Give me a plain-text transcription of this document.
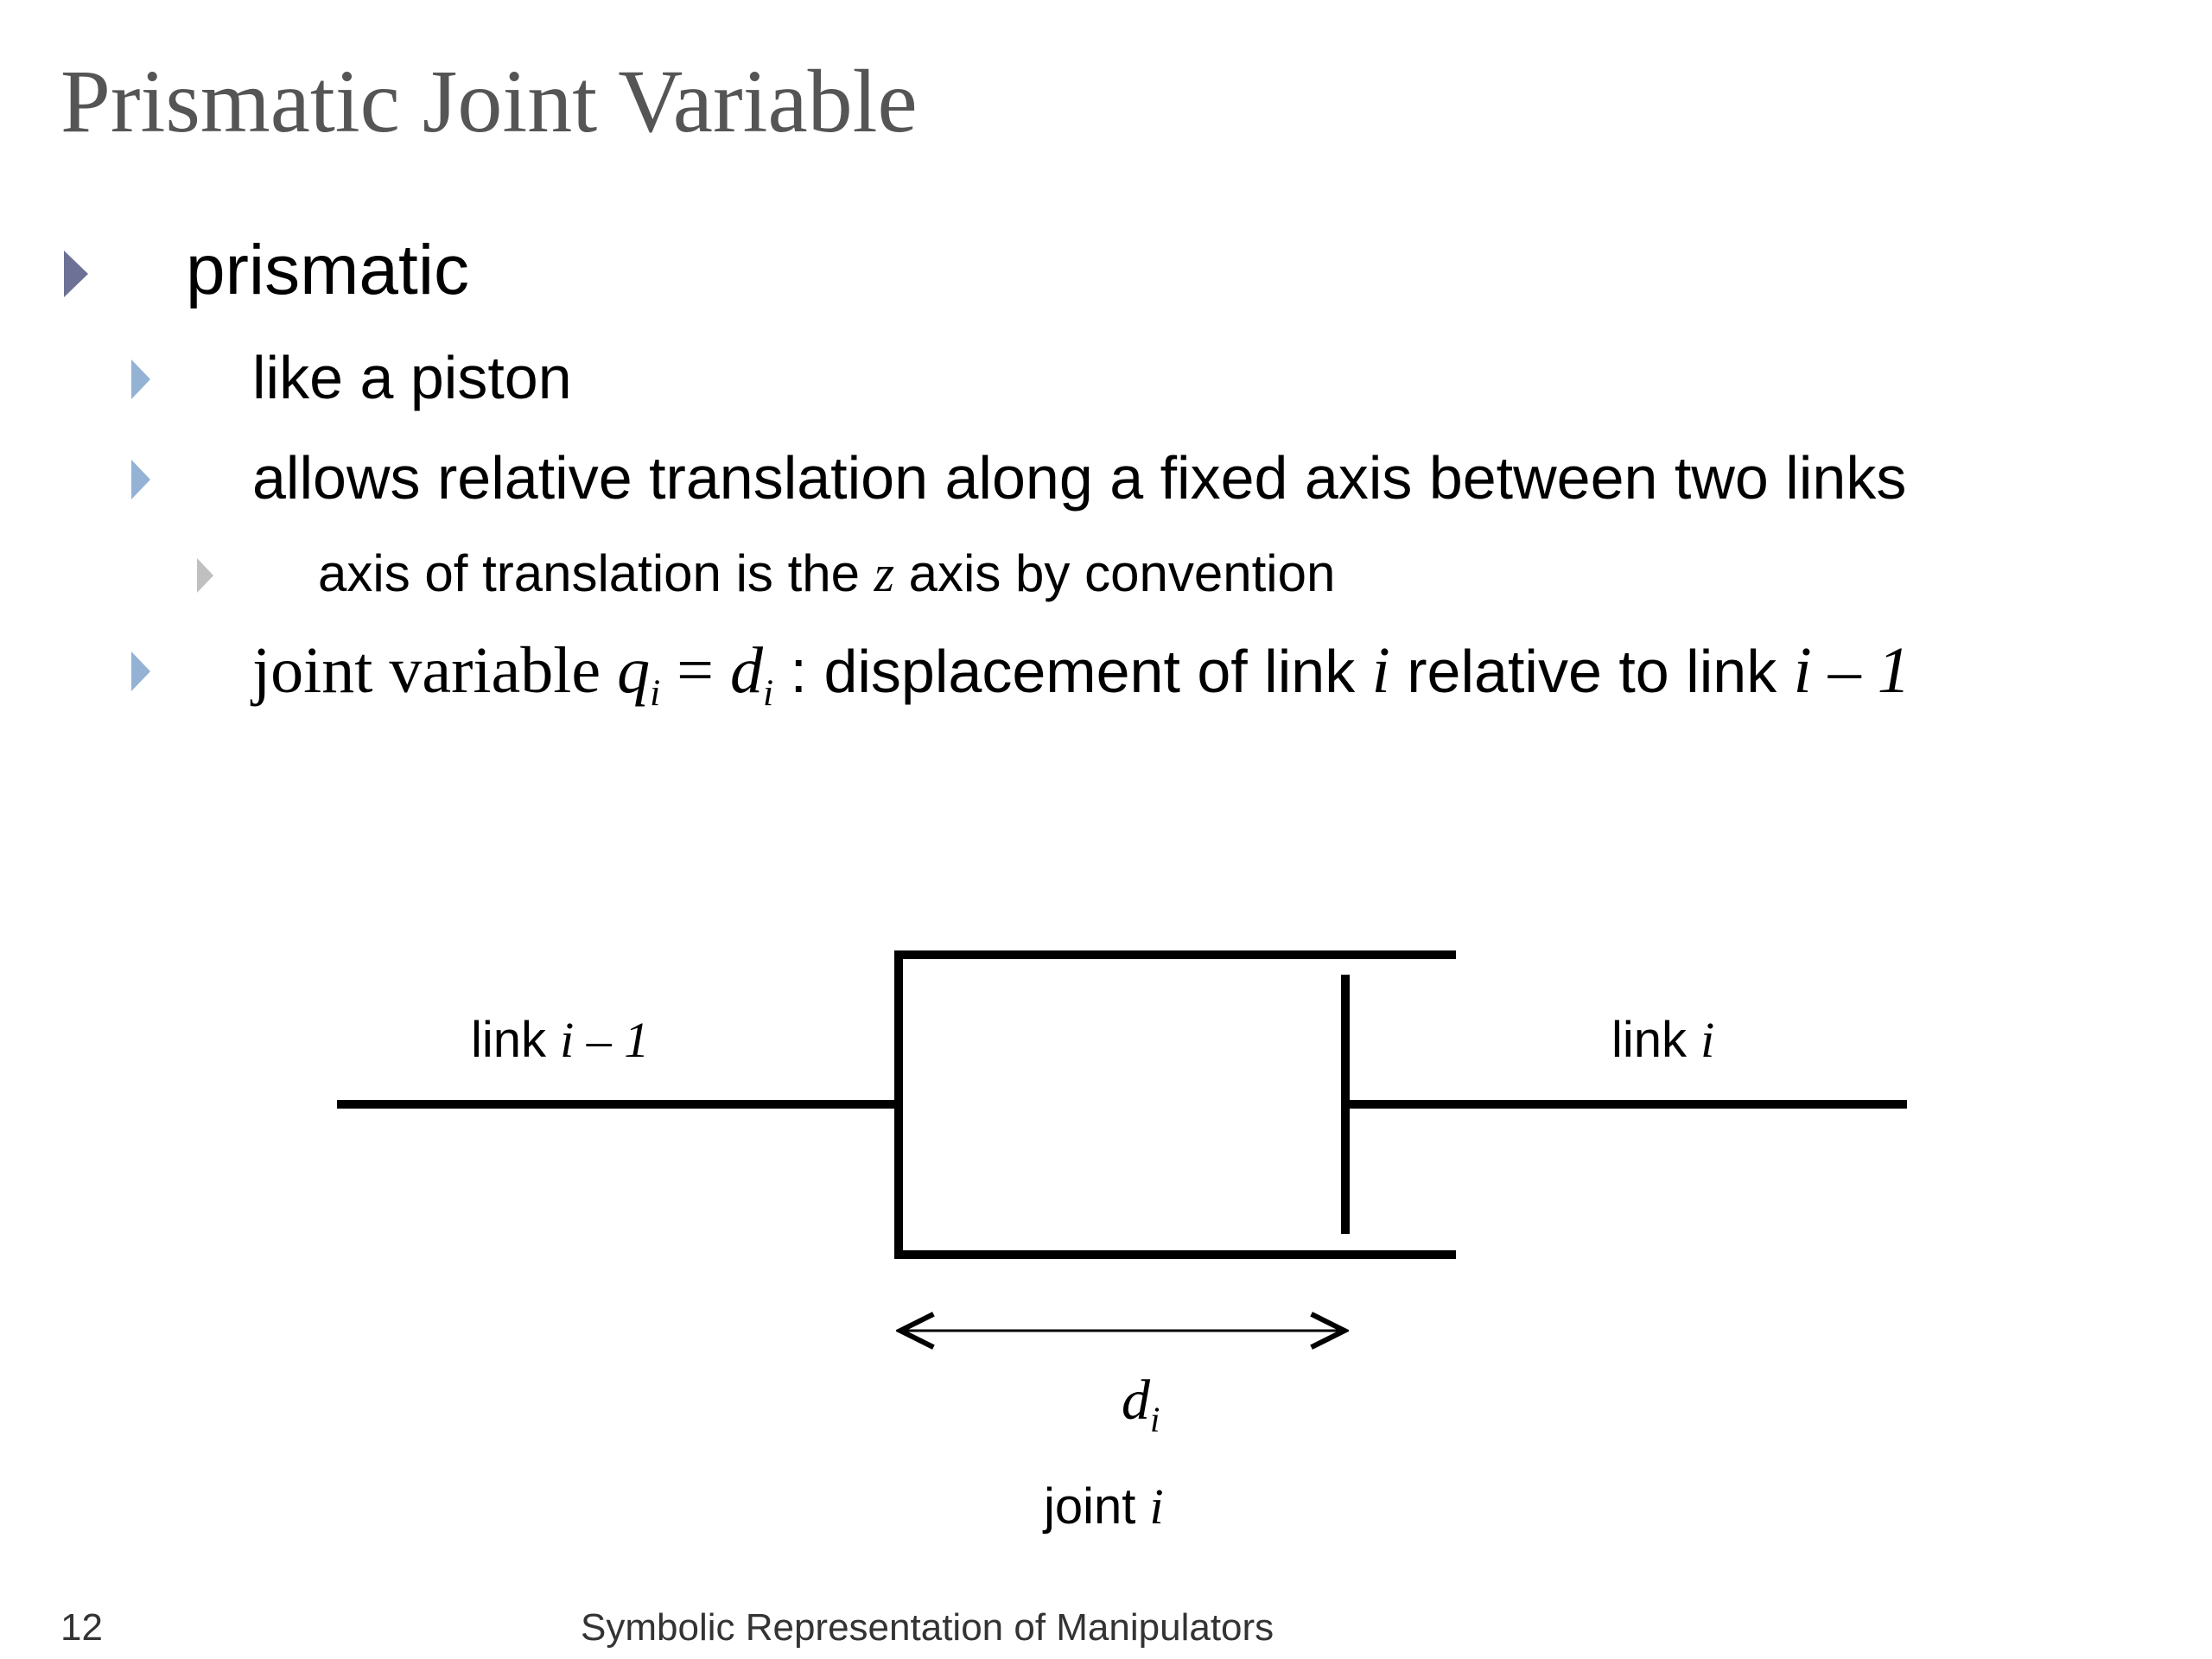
Prismatic Joint Variable
prismatic
like a piston
allows relative translation along a fixed axis between two links
axis of translation is the z axis by convention
joint variable $q_i = d_i$ : displacement of link i relative to link i – 1
link i – 1	link i
$d_i$
joint i
12	Symbolic Representation of Manipulators
